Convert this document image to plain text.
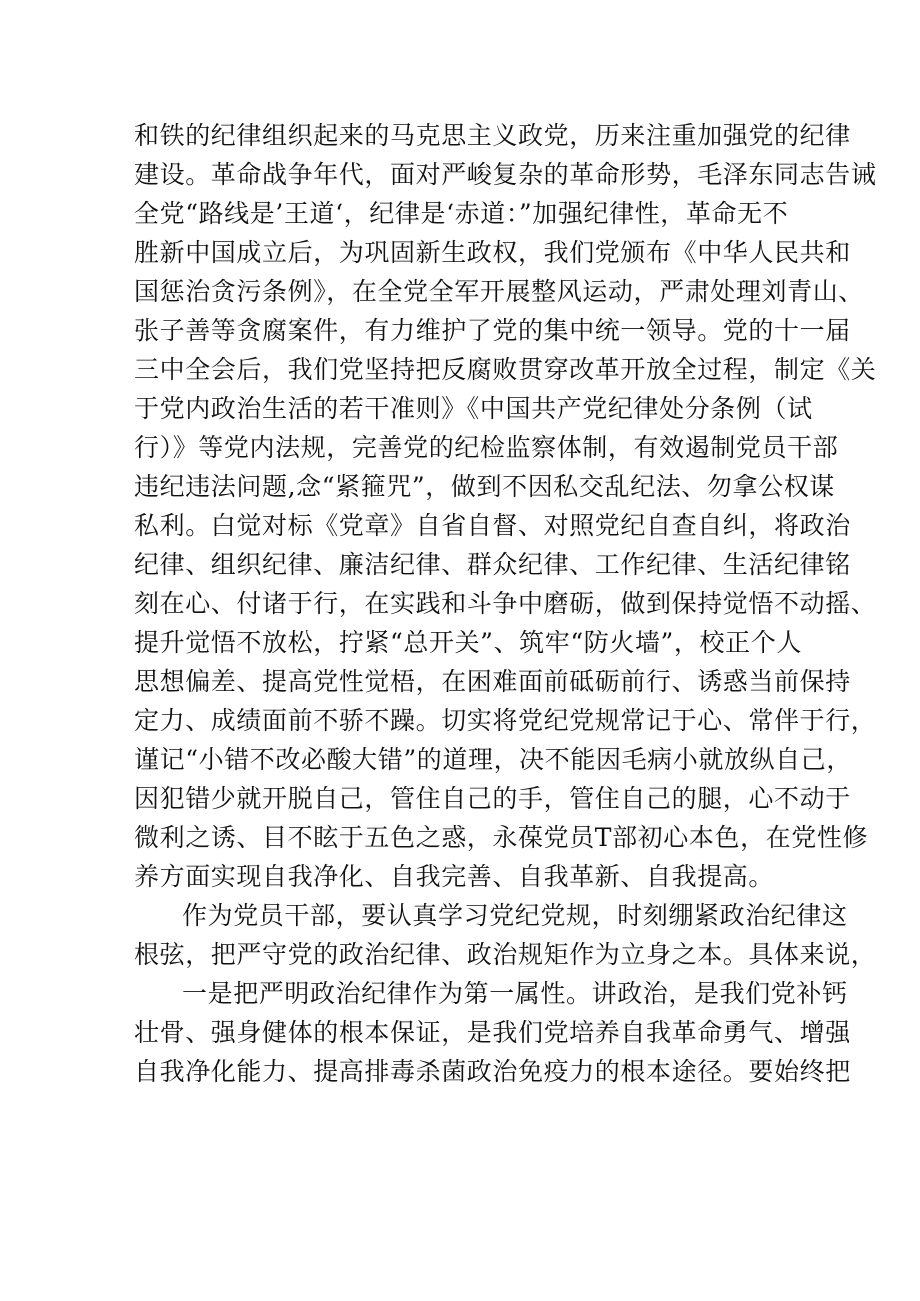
和铁的纪律组织起来的马克思主义政党，历来注重加强党的纪律
建设。革命战争年代，面对严峻复杂的革命形势，毛泽东同志告诫
全党“路线是’王道‘，纪律是‘赤道：”加强纪律性，革命无不
胜新中国成立后，为巩固新生政权，我们党颁布《中华人民共和
国惩治贪污条例》，在全党全军开展整风运动，严肃处理刘青山、
张子善等贪腐案件，有力维护了党的集中统一领导。党的十一届
三中全会后，我们党坚持把反腐败贯穿改革开放全过程，制定《关
于党内政治生活的若干准则》《中国共产党纪律处分条例（试
行）》等党内法规，完善党的纪检监察体制，有效遏制党员干部
违纪违法问题,念“紧箍咒”，做到不因私交乱纪法、勿拿公权谋
私利。白觉对标《党章》自省自督、对照党纪自查自纠，将政治
纪律、组织纪律、廉洁纪律、群众纪律、工作纪律、生活纪律铭
刻在心、付诸于行，在实践和斗争中磨砺，做到保持觉悟不动摇、
提升觉悟不放松，拧紧“总开关”、筑牢“防火墙”，校正个人
思想偏差、提高党性觉梧，在困难面前砥砺前行、诱惑当前保持
定力、成绩面前不骄不躁。切实将党纪党规常记于心、常伴于行，
谨记“小错不改必酸大错”的道理，决不能因毛病小就放纵自己，
因犯错少就开脱自己，管住自己的手，管住自己的腿，心不动于
微利之诱、目不眩于五色之惑，永葆党员T部初心本色，在党性修
养方面实现自我净化、自我完善、自我革新、自我提高。
作为党员干部，要认真学习党纪党规，时刻绷紧政治纪律这
根弦，把严守党的政治纪律、政治规矩作为立身之本。具体来说，
一是把严明政治纪律作为第一属性。讲政治，是我们党补钙
壮骨、强身健体的根本保证，是我们党培养自我革命勇气、增强
自我净化能力、提高排毒杀菌政治免疫力的根本途径。要始终把
